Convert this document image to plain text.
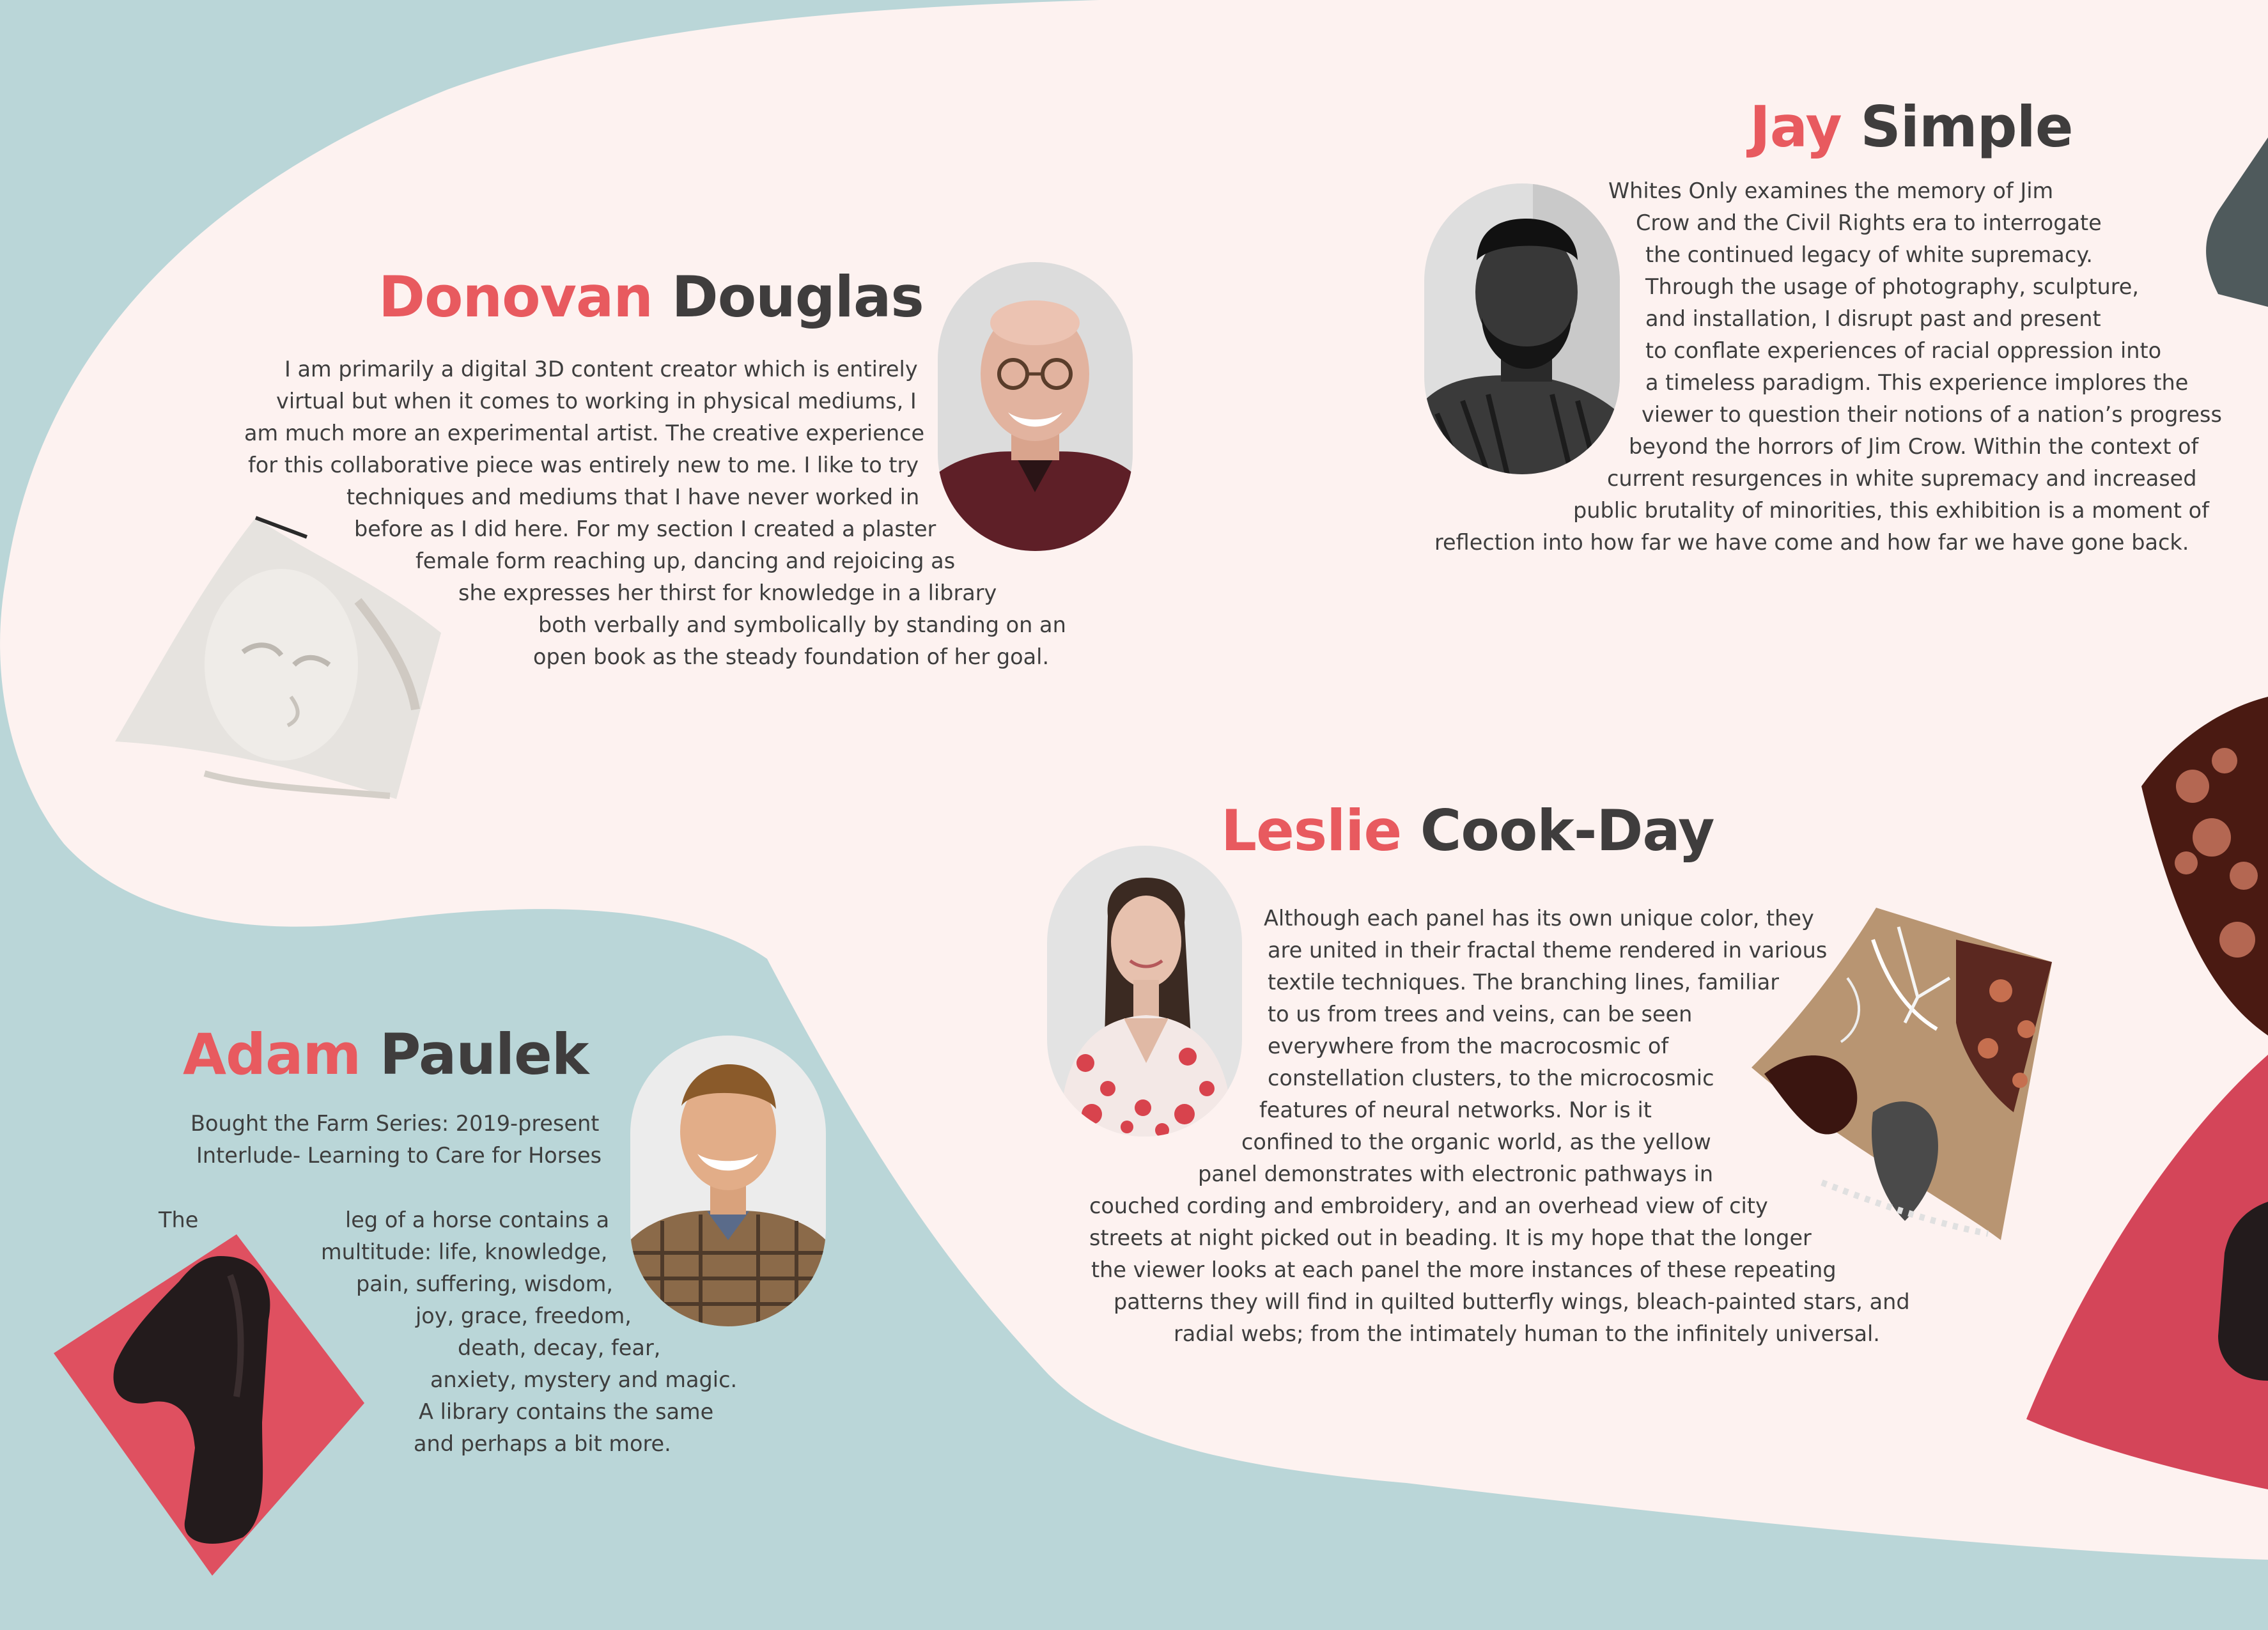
Jay Simple
Whites Only examines the memory of Jim
Crow and the Civil Rights era to interrogate
the continued legacy of white supremacy.
Through the usage of photography, sculpture,
and installation, I disrupt past and present
to conflate experiences of racial oppression into
a timeless paradigm. This experience implores the
viewer to question their notions of a nation’s progress
beyond the horrors of Jim Crow. Within the context of
current resurgences in white supremacy and increased
public brutality of minorities, this exhibition is a moment of
reflection into how far we have come and how far we have gone back.
Donovan Douglas
I am primarily a digital 3D content creator which is entirely
virtual but when it comes to working in physical mediums, I
am much more an experimental artist. The creative experience
for this collaborative piece was entirely new to me. I like to try
techniques and mediums that I have never worked in
before as I did here. For my section I created a plaster
female form reaching up, dancing and rejoicing as
she expresses her thirst for knowledge in a library
both verbally and symbolically by standing on an
open book as the steady foundation of her goal.
Leslie Cook-Day
Although each panel has its own unique color, they
are united in their fractal theme rendered in various
textile techniques. The branching lines, familiar
to us from trees and veins, can be seen
everywhere from the macrocosmic of
constellation clusters, to the microcosmic
features of neural networks. Nor is it
confined to the organic world, as the yellow
panel demonstrates with electronic pathways in
couched cording and embroidery, and an overhead view of city
streets at night picked out in beading. It is my hope that the longer
the viewer looks at each panel the more instances of these repeating
patterns they will find in quilted butterfly wings, bleach-painted stars, and
radial webs; from the intimately human to the infinitely universal.
Adam Paulek
Bought the Farm Series: 2019-present
Interlude- Learning to Care for Horses
The	leg of a horse contains a
multitude: life, knowledge,
pain, suffering, wisdom,
joy, grace, freedom,
death, decay, fear,
anxiety, mystery and magic.
A library contains the same
and perhaps a bit more.
